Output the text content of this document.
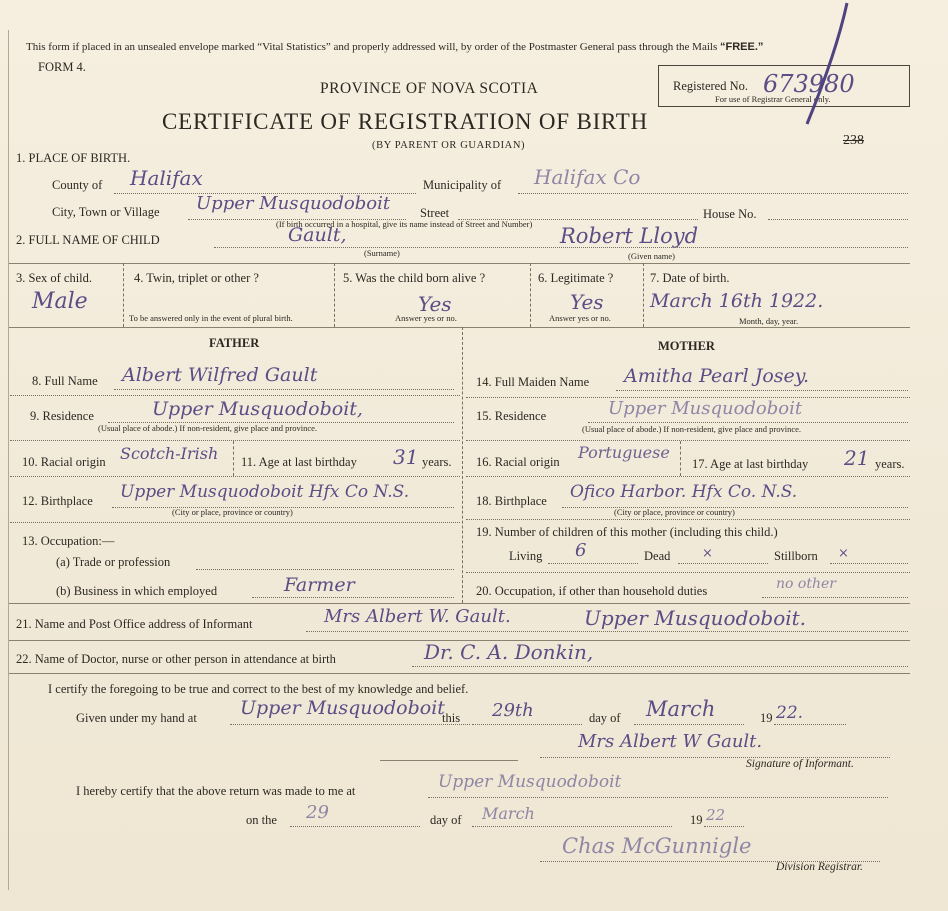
This form if placed in an unsealed envelope marked “Vital Statistics” and properly addressed will, by order of the Postmaster General pass through the Mails “FREE.”
FORM 4.
PROVINCE OF NOVA SCOTIA
CERTIFICATE OF REGISTRATION OF BIRTH
(BY PARENT OR GUARDIAN)
Registered No. 673980
For use of Registrar General only.
238
1. PLACE OF BIRTH.
County of Halifax	Municipality of Halifax Co
City, Town or Village Upper Musquodoboit Street	House No.
(If birth occurred in a hospital, give its name instead of Street and Number)
2. FULL NAME OF CHILD	Gault,	Robert Lloyd
(Surname)	(Given name)
3. Sex of child.
Male
4. Twin, triplet or other ?
To be answered only in the event of plural birth.
5. Was the child born alive ?
Yes
Answer yes or no.
6. Legitimate ?
Yes
Answer yes or no.
7. Date of birth.
March 16th 1922.
Month, day, year.
FATHER
8. Full Name Albert Wilfred Gault
9. Residence	Upper Musquodoboit,
(Usual place of abode.) If non-resident, give place and province.
10. Racial origin Scotch-Irish 11. Age at last birthday 31 years.
12. Birthplace Upper Musquodoboit Hfx Co N.S.
(City or place, province or country)
13. Occupation:—
(a) Trade or profession
(b) Business in which employed	Farmer
MOTHER
14. Full Maiden Name Amitha Pearl Josey.
15. Residence	Upper Musquodoboit
(Usual place of abode.) If non-resident, give place and province.
16. Racial origin Portuguese
17. Age at last birthday 21 years.
18. Birthplace Ofico Harbor. Hfx Co. N.S.
(City or place, province or country)
19. Number of children of this mother (including this child.)
Living 6	Dead ×	Stillborn ×
20. Occupation, if other than household duties	no other
21. Name and Post Office address of Informant	Mrs Albert W. Gault.	Upper Musquodoboit.
22. Name of Doctor, nurse or other person in attendance at birth	Dr. C. A. Donkin,
I certify the foregoing to be true and correct to the best of my knowledge and belief.
Given under my hand at Upper Musquodoboit
this 29th	day of March	19 22.
Mrs Albert W Gault.
Signature of Informant.
I hereby certify that the above return was made to me at	Upper Musquodoboit
on the 29	day of March	19 22
Chas McGunnigle
Division Registrar.
